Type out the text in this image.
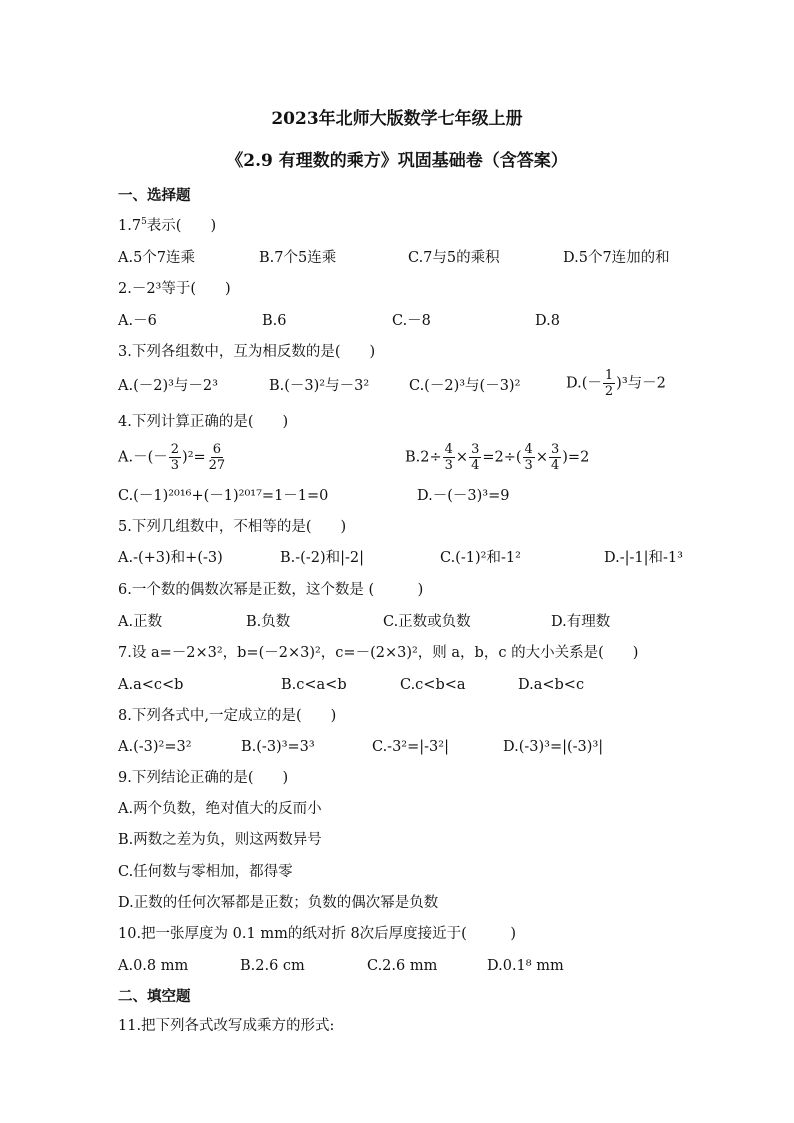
2023年北师大版数学七年级上册
《2.9 有理数的乘方》巩固基础卷（含答案）
一、选择题
$1.7^5$表示(　　)
A.5个7连乘	B.7个5连乘	C.7与5的乘积	D.5个7连加的和
2.－2³等于(　　)
A.－6	B.6	C.－8	D.8
3.下列各组数中，互为相反数的是(　　)
A.(－2)³与－2³	B.(－3)²与－3²	C.(－2)³与(－3)²	$D.(- \frac{1}{2} )^3$与－2
4.下列计算正确的是(　　)
$A.-(- \frac{2}{3} )^2= \frac{6}{27}$	$B.2\div \frac{4}{3} \times \frac{3}{4} =2\div( \frac{4}{3} \times \frac{3}{4} )=2$
C.(－1)²⁰¹⁶+(－1)²⁰¹⁷=1－1=0	D.－(－3)³=9
5.下列几组数中，不相等的是(　　)
A.-(+3)和+(-3)	B.-(-2)和|-2|	C.(-1)²和-1²	D.-|-1|和-1³
6.一个数的偶数次幂是正数，这个数是 (　　　)
A.正数	B.负数	C.正数或负数	D.有理数
7.设 a=－2×3²，b=(－2×3)²，c=－(2×3)²，则 a，b，c 的大小关系是(　　)
A.a<c<b	B.c<a<b	C.c<b<a	D.a<b<c
8.下列各式中,一定成立的是(　　)
A.(-3)²=3²	B.(-3)³=3³	C.-3²=|-3²|	D.(-3)³=|(-3)³|
9.下列结论正确的是(　　)
A.两个负数，绝对值大的反而小
B.两数之差为负，则这两数异号
C.任何数与零相加，都得零
D.正数的任何次幂都是正数；负数的偶次幂是负数
10.把一张厚度为 0.1 mm的纸对折 8次后厚度接近于(　　　)
A.0.8 mm	B.2.6 cm	C.2.6 mm	D.0.1⁸ mm
二、填空题
11.把下列各式改写成乘方的形式:
